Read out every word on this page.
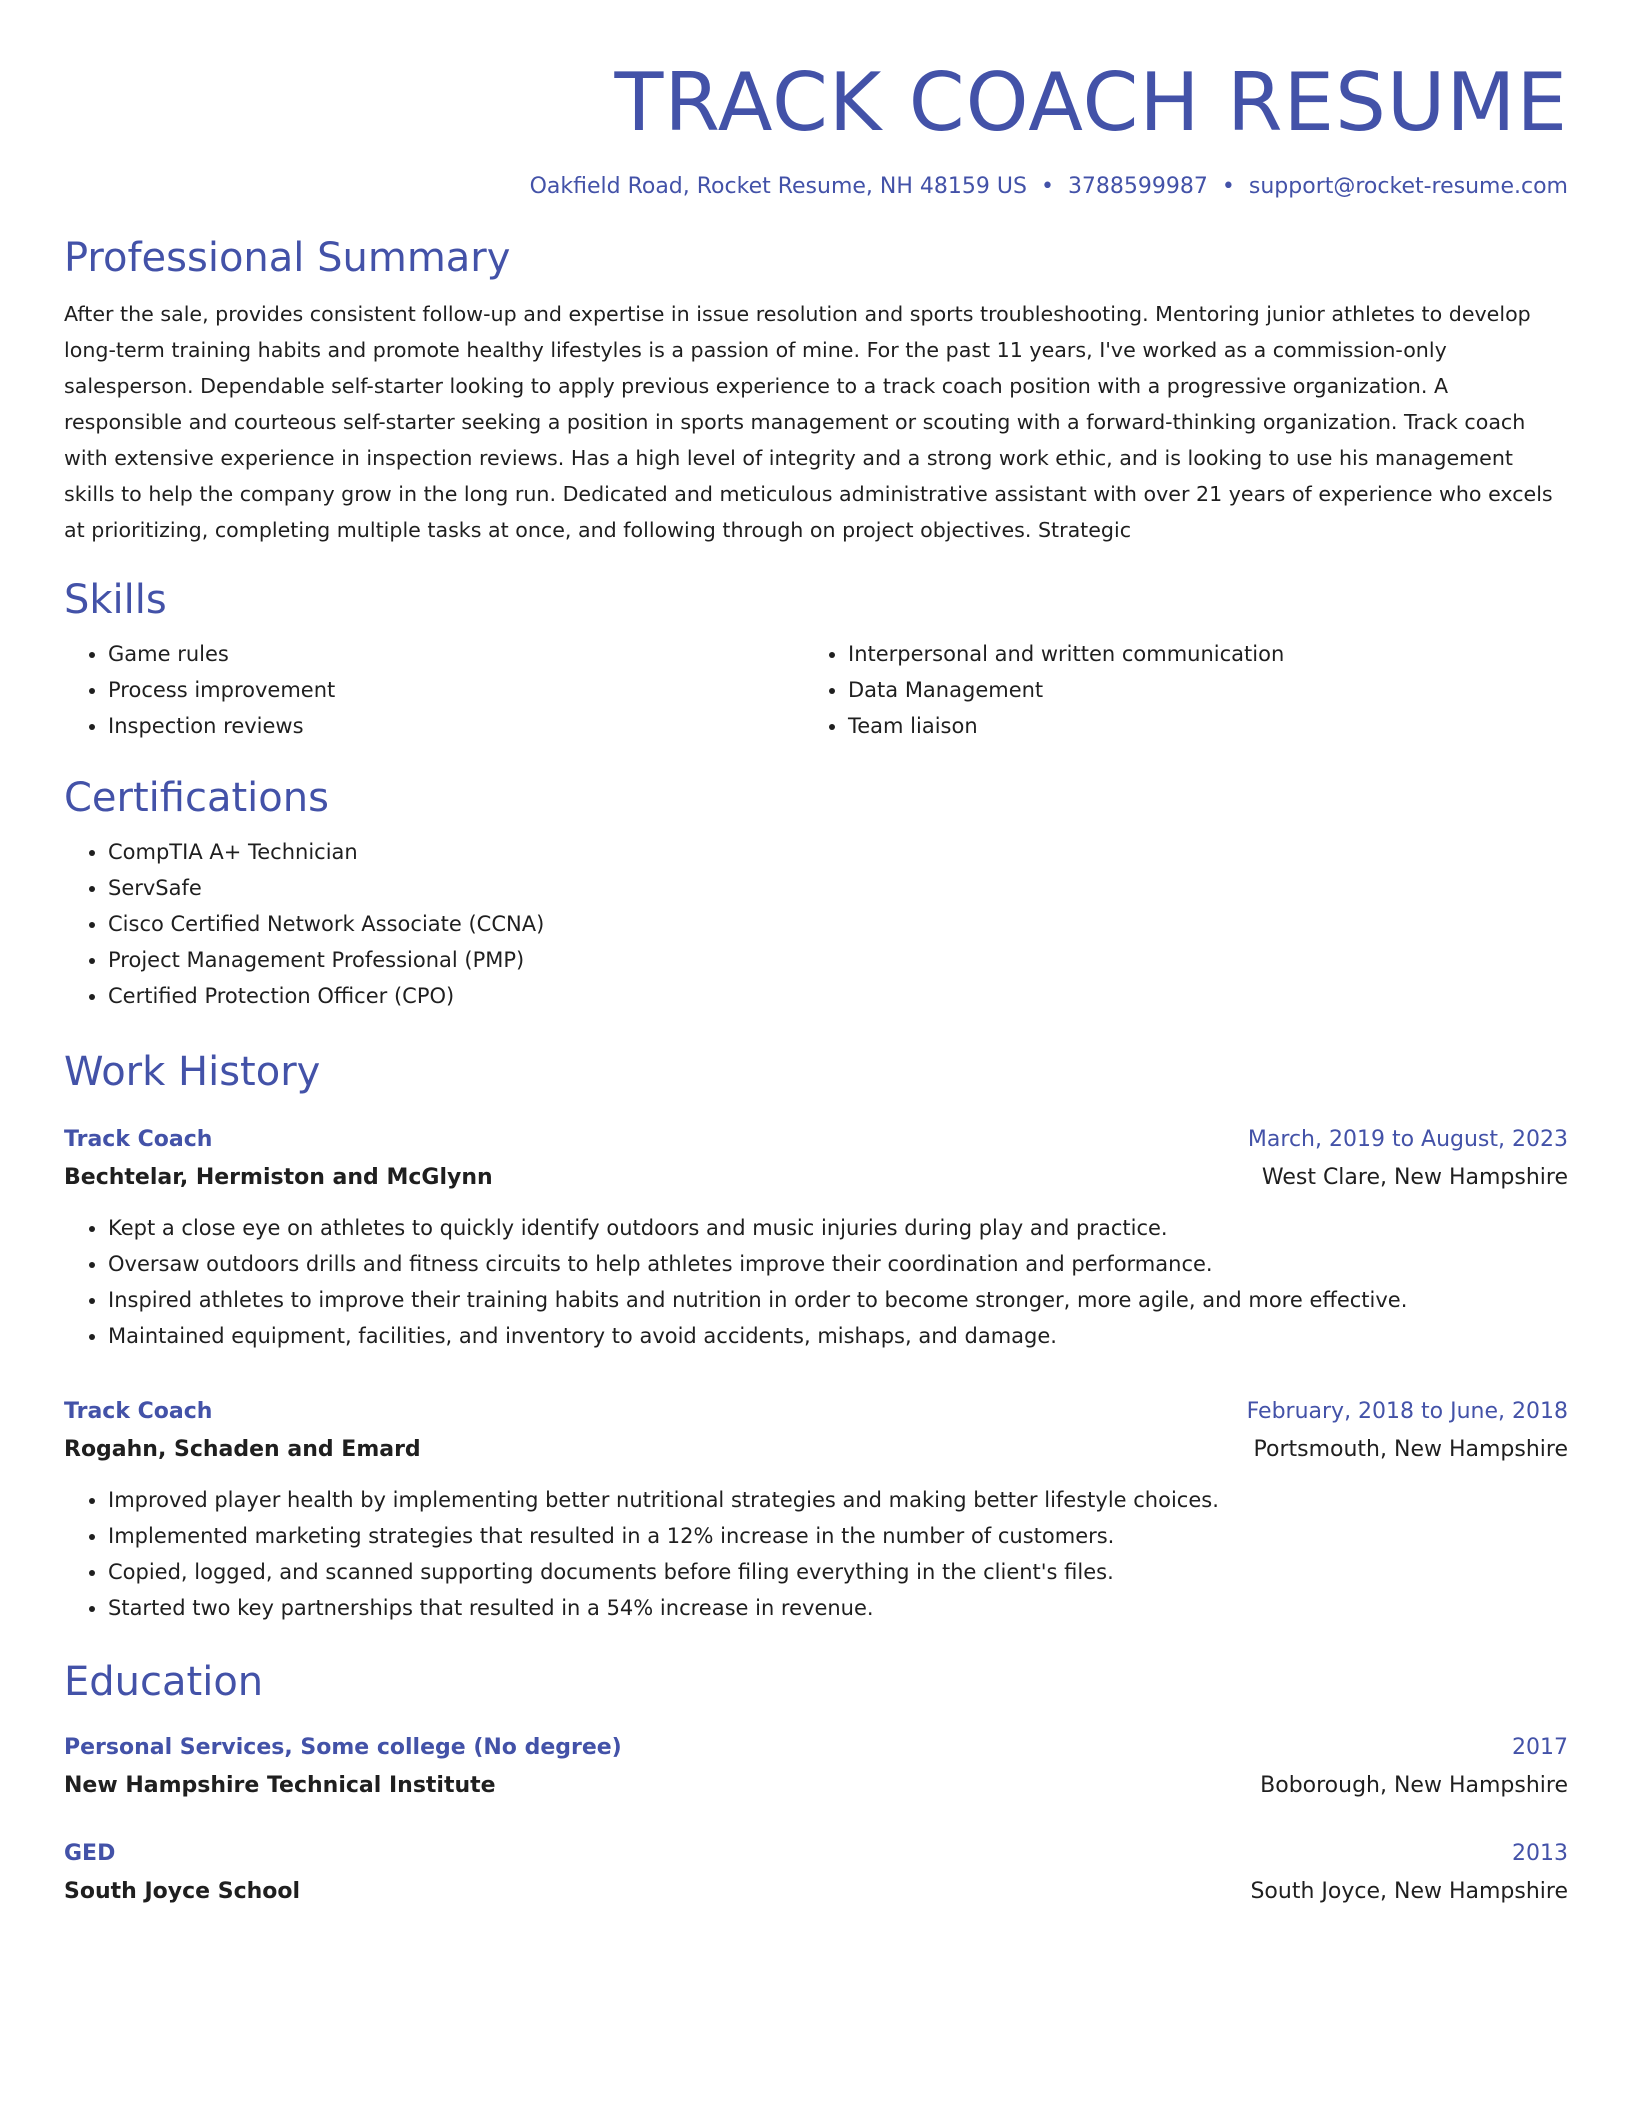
TRACK COACH RESUME
Oakfield Road, Rocket Resume, NH 48159 US • 3788599987 • support@rocket-resume.com
Professional Summary

After the sale, provides consistent follow-up and expertise in issue resolution and sports troubleshooting. Mentoring junior athletes to develop long-term training habits and promote healthy lifestyles is a passion of mine. For the past 11 years, I've worked as a commission-only salesperson. Dependable self-starter looking to apply previous experience to a track coach position with a progressive organization. A responsible and courteous self-starter seeking a position in sports management or scouting with a forward-thinking organization. Track coach with extensive experience in inspection reviews. Has a high level of integrity and a strong work ethic, and is looking to use his management skills to help the company grow in the long run. Dedicated and meticulous administrative assistant with over 21 years of experience who excels at prioritizing, completing multiple tasks at once, and following through on project objectives. Strategic

Skills
• Game rules
• Process improvement
• Inspection reviews
• Interpersonal and written communication
• Data Management
• Team liaison
Certifications
• CompTIA A+ Technician
• ServSafe
• Cisco Certified Network Associate (CCNA)
• Project Management Professional (PMP)
• Certified Protection Officer (CPO)
Work History
Track Coach	March, 2019 to August, 2023
Bechtelar, Hermiston and McGlynn	West Clare, New Hampshire
• Kept a close eye on athletes to quickly identify outdoors and music injuries during play and practice.
• Oversaw outdoors drills and fitness circuits to help athletes improve their coordination and performance.
• Inspired athletes to improve their training habits and nutrition in order to become stronger, more agile, and more effective.
• Maintained equipment, facilities, and inventory to avoid accidents, mishaps, and damage.
Track Coach	February, 2018 to June, 2018
Rogahn, Schaden and Emard	Portsmouth, New Hampshire
• Improved player health by implementing better nutritional strategies and making better lifestyle choices.
• Implemented marketing strategies that resulted in a 12% increase in the number of customers.
• Copied, logged, and scanned supporting documents before filing everything in the client's files.
• Started two key partnerships that resulted in a 54% increase in revenue.
Education
Personal Services, Some college (No degree)	2017
New Hampshire Technical Institute	Boborough, New Hampshire
GED	2013
South Joyce School	South Joyce, New Hampshire
